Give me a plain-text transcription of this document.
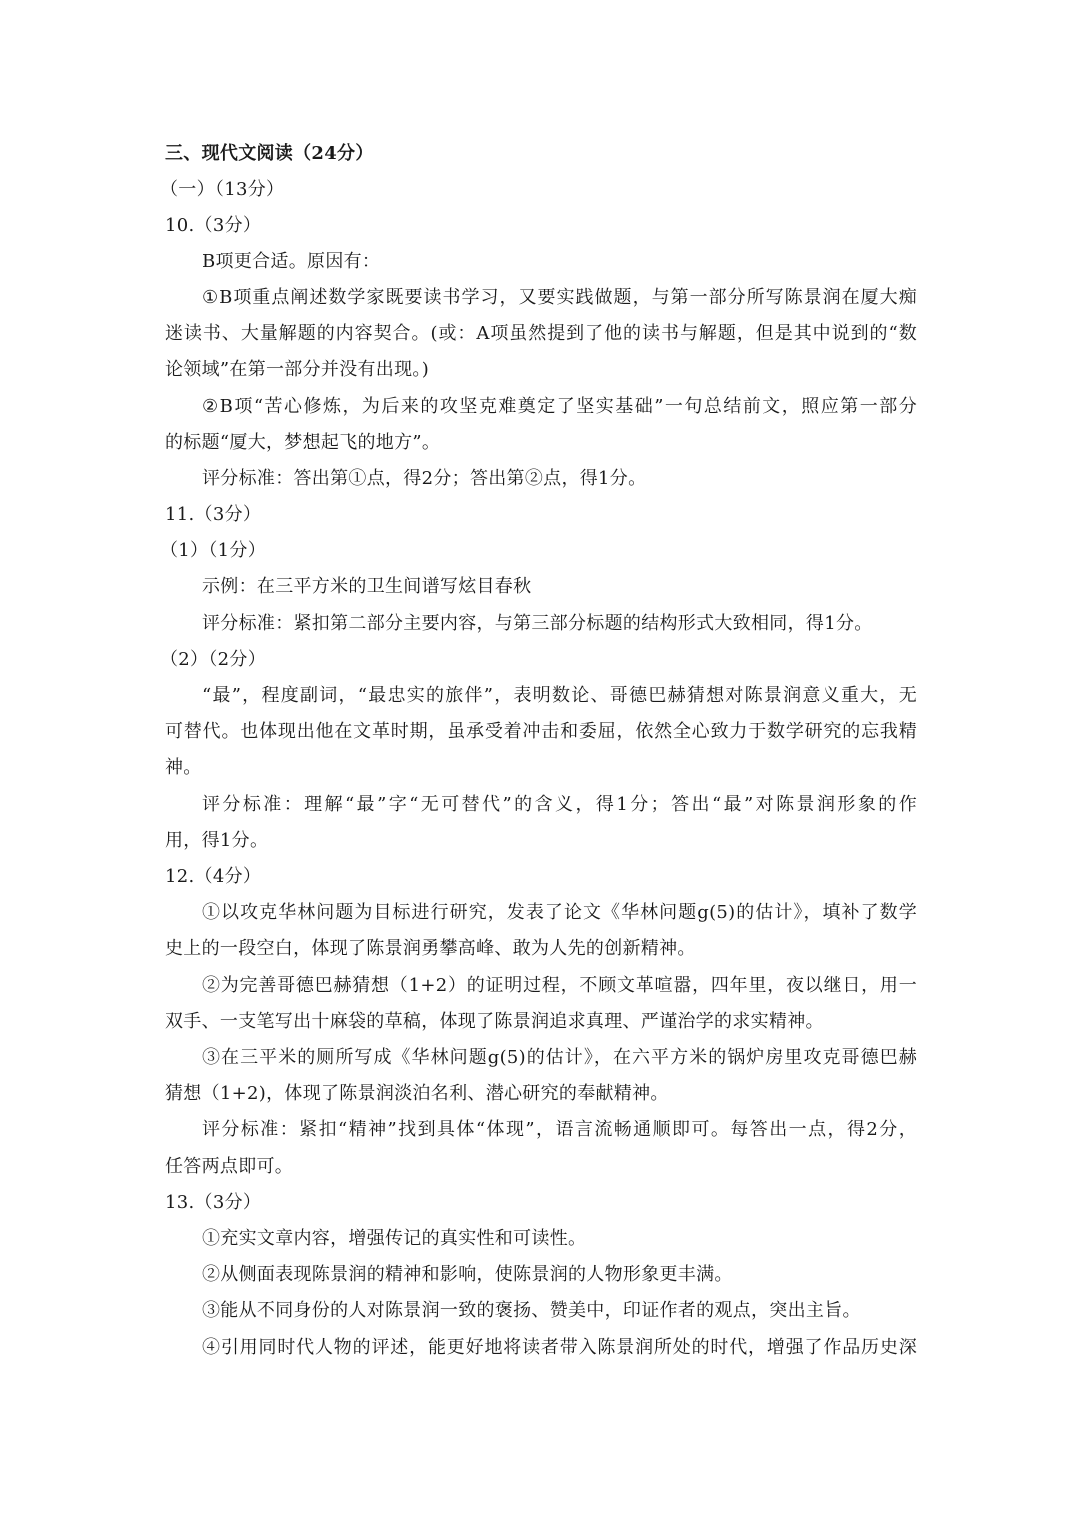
三、现代文阅读（24分）
（一）（13分）
10.（3分）
B项更合适。原因有：
①B项重点阐述数学家既要读书学习，又要实践做题，与第一部分所写陈景润在厦大痴
迷读书、大量解题的内容契合。(或：A项虽然提到了他的读书与解题，但是其中说到的“数
论领域”在第一部分并没有出现。)
②B项“苦心修炼，为后来的攻坚克难奠定了坚实基础”一句总结前文，照应第一部分
的标题“厦大，梦想起飞的地方”。
评分标准：答出第①点，得2分；答出第②点，得1分。
11.（3分）
（1）（1分）
示例：在三平方米的卫生间谱写炫目春秋
评分标准：紧扣第二部分主要内容，与第三部分标题的结构形式大致相同，得1分。
（2）（2分）
“最”，程度副词，“最忠实的旅伴”，表明数论、哥德巴赫猜想对陈景润意义重大，无
可替代。也体现出他在文革时期，虽承受着冲击和委屈，依然全心致力于数学研究的忘我精
神。
评分标准：理解“最”字“无可替代”的含义，得1分；答出“最”对陈景润形象的作
用，得1分。
12.（4分）
①以攻克华林问题为目标进行研究，发表了论文《华林问题g(5)的估计》，填补了数学
史上的一段空白，体现了陈景润勇攀高峰、敢为人先的创新精神。
②为完善哥德巴赫猜想（1+2）的证明过程，不顾文革喧嚣，四年里，夜以继日，用一
双手、一支笔写出十麻袋的草稿，体现了陈景润追求真理、严谨治学的求实精神。
③在三平米的厕所写成《华林问题g(5)的估计》，在六平方米的锅炉房里攻克哥德巴赫
猜想（1+2)，体现了陈景润淡泊名利、潜心研究的奉献精神。
评分标准：紧扣“精神”找到具体“体现”，语言流畅通顺即可。每答出一点，得2分，
任答两点即可。
13.（3分）
①充实文章内容，增强传记的真实性和可读性。
②从侧面表现陈景润的精神和影响，使陈景润的人物形象更丰满。
③能从不同身份的人对陈景润一致的褒扬、赞美中，印证作者的观点，突出主旨。
④引用同时代人物的评述，能更好地将读者带入陈景润所处的时代，增强了作品历史深
